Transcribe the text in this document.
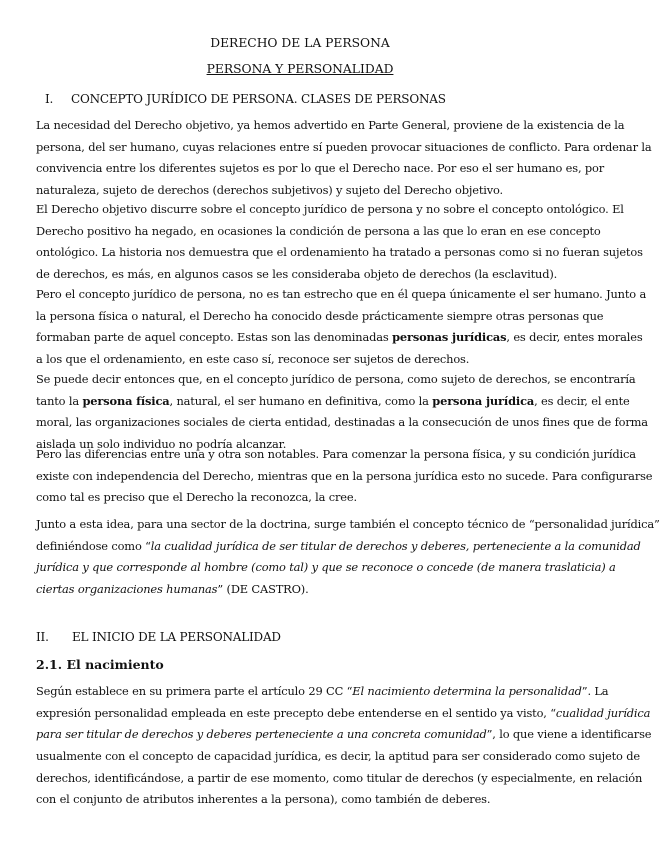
DERECHO DE LA PERSONA
PERSONA Y PERSONALIDAD
I. CONCEPTO JURÍDICO DE PERSONA. CLASES DE PERSONAS
La necesidad del Derecho objetivo, ya hemos advertido en Parte General, proviene de la existencia de la
persona, del ser humano, cuyas relaciones entre sí pueden provocar situaciones de conflicto. Para ordenar la
convivencia entre los diferentes sujetos es por lo que el Derecho nace. Por eso el ser humano es, por
naturaleza, sujeto de derechos (derechos subjetivos) y sujeto del Derecho objetivo.
El Derecho objetivo discurre sobre el concepto jurídico de persona y no sobre el concepto ontológico. El
Derecho positivo ha negado, en ocasiones la condición de persona a las que lo eran en ese concepto
ontológico. La historia nos demuestra que el ordenamiento ha tratado a personas como si no fueran sujetos
de derechos, es más, en algunos casos se les consideraba objeto de derechos (la esclavitud).
Pero el concepto jurídico de persona, no es tan estrecho que en él quepa únicamente el ser humano. Junto a
la persona física o natural, el Derecho ha conocido desde prácticamente siempre otras personas que
formaban parte de aquel concepto. Estas son las denominadas personas jurídicas, es decir, entes morales
a los que el ordenamiento, en este caso sí, reconoce ser sujetos de derechos.
Se puede decir entonces que, en el concepto jurídico de persona, como sujeto de derechos, se encontraría
tanto la persona física, natural, el ser humano en definitiva, como la persona jurídica, es decir, el ente
moral, las organizaciones sociales de cierta entidad, destinadas a la consecución de unos fines que de forma
aislada un solo individuo no podría alcanzar.
Pero las diferencias entre una y otra son notables. Para comenzar la persona física, y su condición jurídica
existe con independencia del Derecho, mientras que en la persona jurídica esto no sucede. Para configurarse
como tal es preciso que el Derecho la reconozca, la cree.
Junto a esta idea, para una sector de la doctrina, surge también el concepto técnico de “personalidad jurídica”
definiéndose como “la cualidad jurídica de ser titular de derechos y deberes, perteneciente a la comunidad
jurídica y que corresponde al hombre (como tal) y que se reconoce o concede (de manera traslaticia) a
ciertas organizaciones humanas” (DE CASTRO).
II. EL INICIO DE LA PERSONALIDAD
2.1. El nacimiento
Según establece en su primera parte el artículo 29 CC “El nacimiento determina la personalidad”. La
expresión personalidad empleada en este precepto debe entenderse en el sentido ya visto, “cualidad jurídica
para ser titular de derechos y deberes perteneciente a una concreta comunidad”, lo que viene a identificarse
usualmente con el concepto de capacidad jurídica, es decir, la aptitud para ser considerado como sujeto de
derechos, identificándose, a partir de ese momento, como titular de derechos (y especialmente, en relación
con el conjunto de atributos inherentes a la persona), como también de deberes.
